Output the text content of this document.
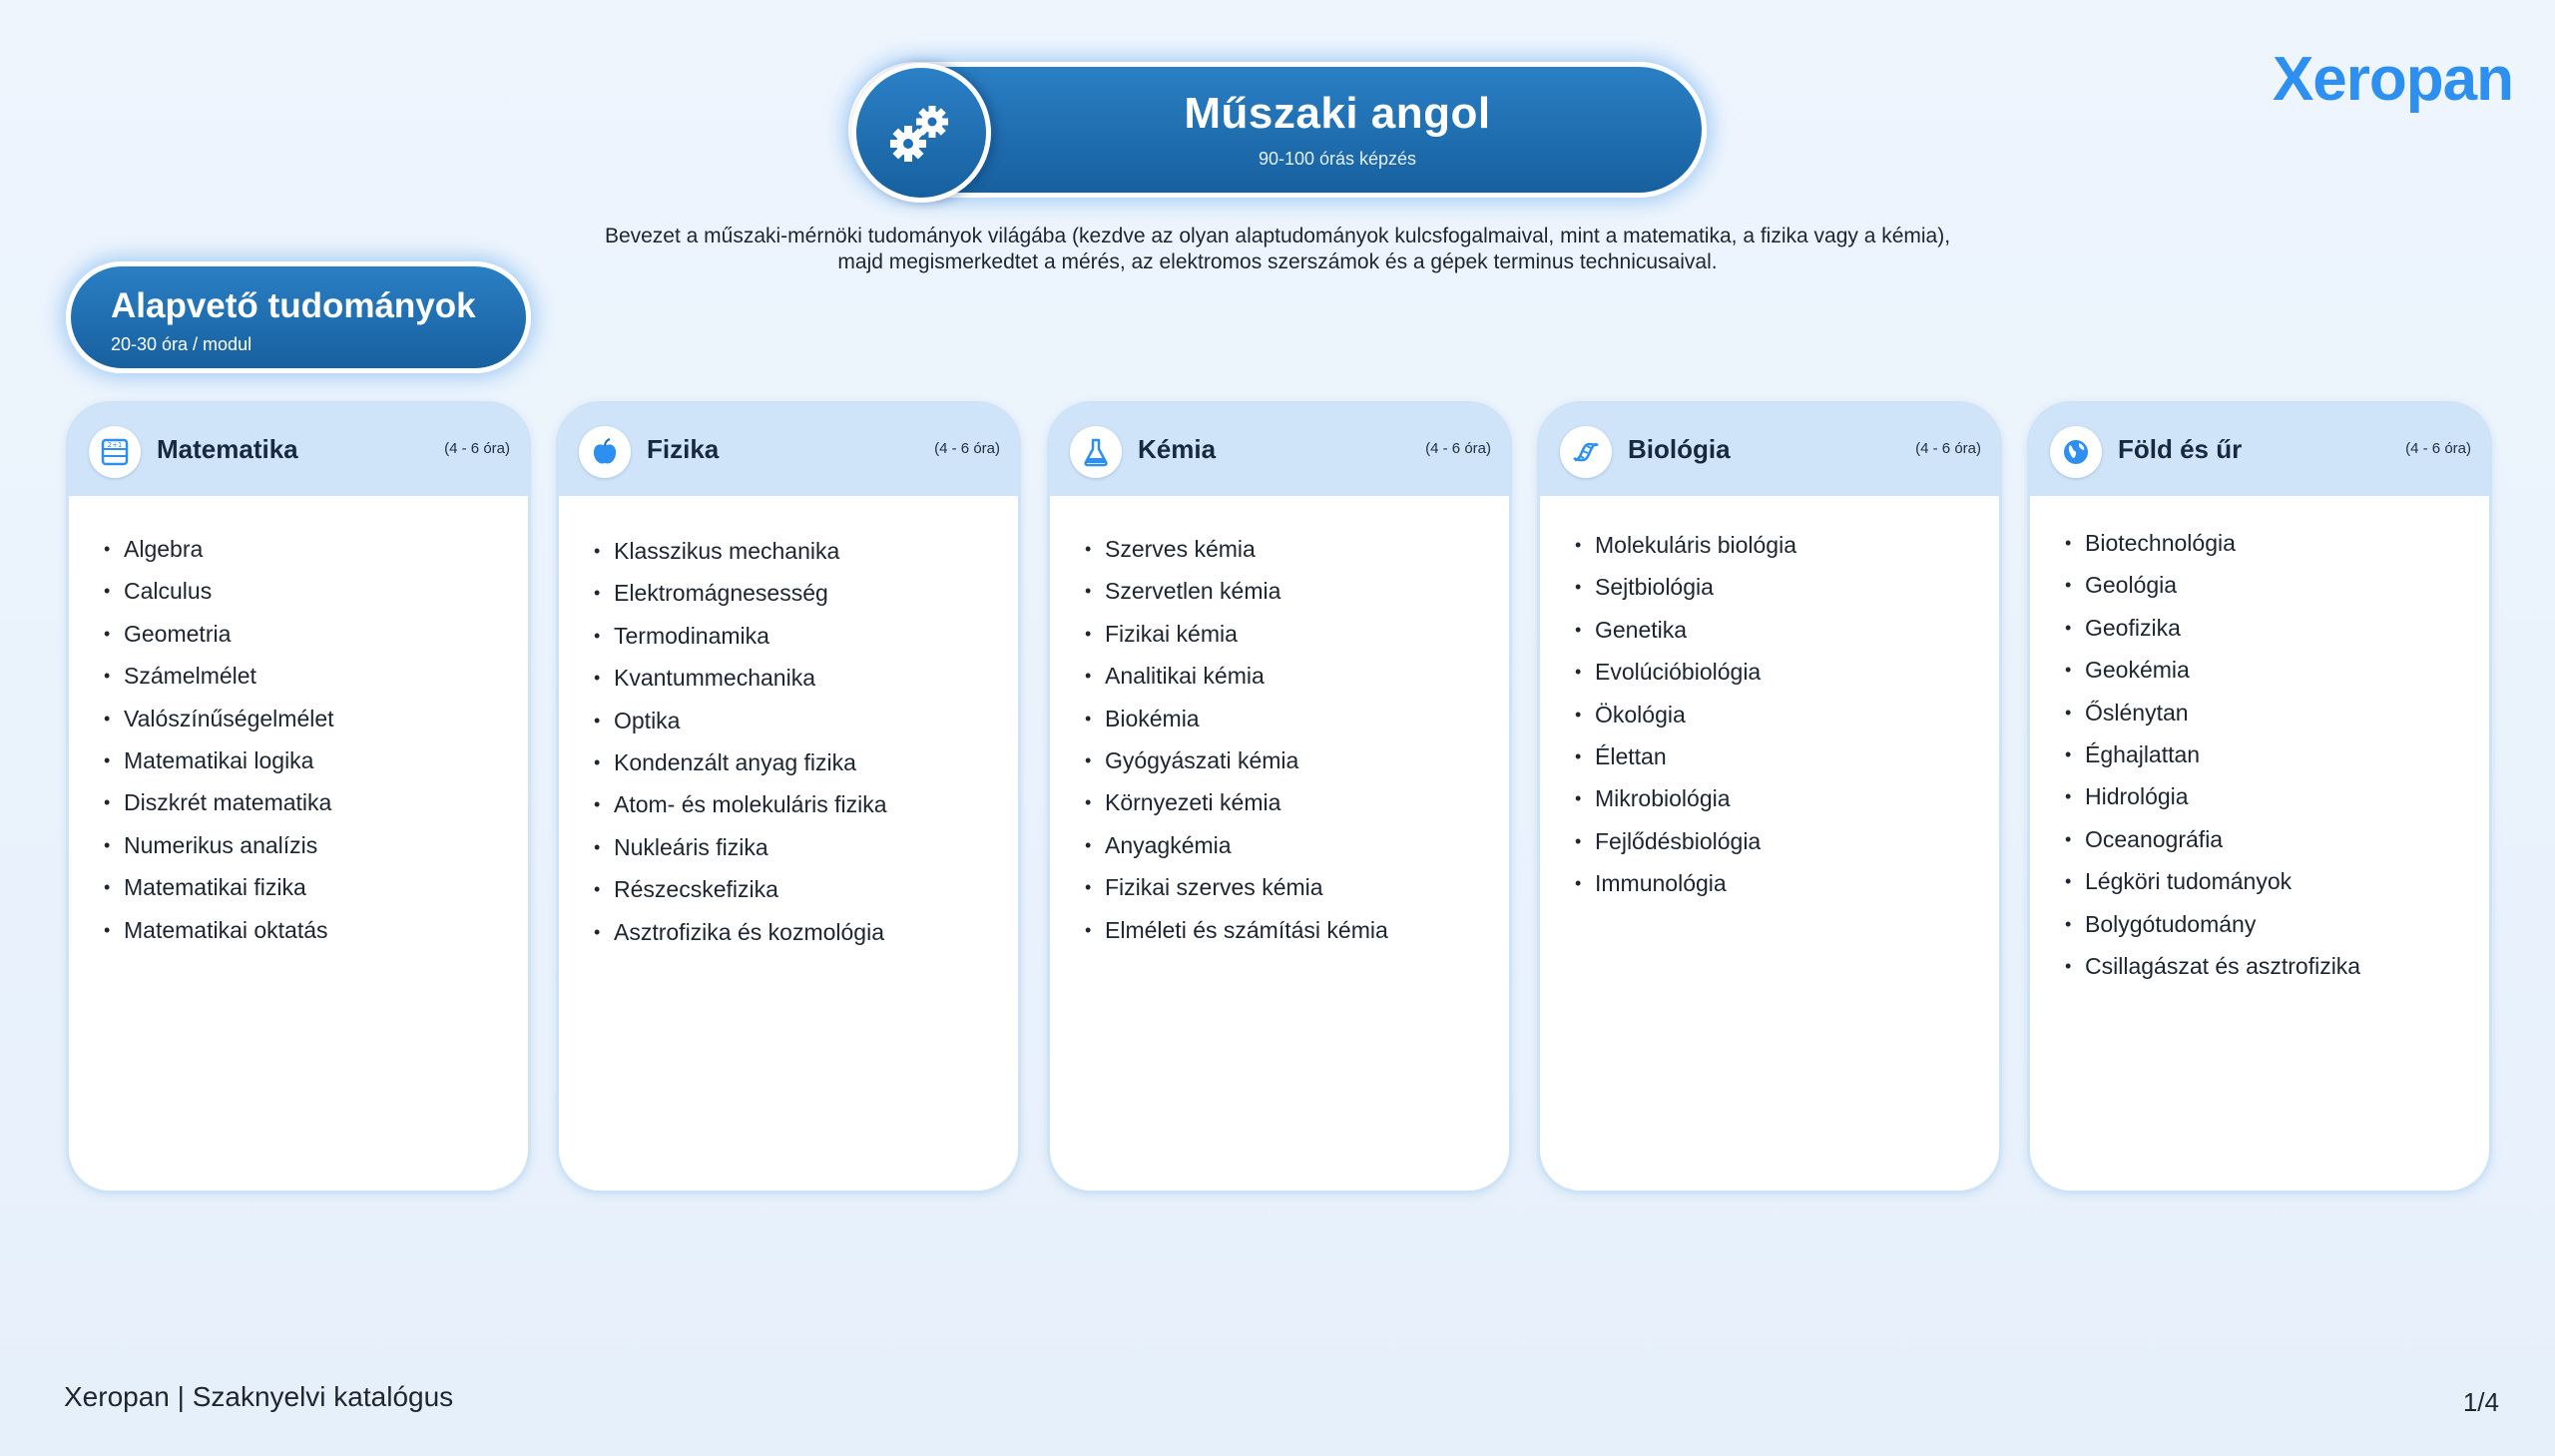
Műszaki angol
90-100 órás képzés
Xeropan
Bevezet a műszaki-mérnöki tudományok világába (kezdve az olyan alaptudományok kulcsfogalmaival, mint a matematika, a fizika vagy a kémia),
majd megismerkedtet a mérés, az elektromos szerszámok és a gépek terminus technicusaival.
Alapvető tudományok
20-30 óra / modul
2+1 Matematika	(4 - 6 óra)
• Algebra
• Calculus
• Geometria
• Számelmélet
• Valószínűségelmélet
• Matematikai logika
• Diszkrét matematika
• Numerikus analízis
• Matematikai fizika
• Matematikai oktatás
Fizika	(4 - 6 óra)
• Klasszikus mechanika
• Elektromágnesesség
• Termodinamika
• Kvantummechanika
• Optika
• Kondenzált anyag fizika
• Atom- és molekuláris fizika
• Nukleáris fizika
• Részecskefizika
• Asztrofizika és kozmológia
Kémia	(4 - 6 óra)
• Szerves kémia
• Szervetlen kémia
• Fizikai kémia
• Analitikai kémia
• Biokémia
• Gyógyászati kémia
• Környezeti kémia
• Anyagkémia
• Fizikai szerves kémia
• Elméleti és számítási kémia
Biológia	(4 - 6 óra)
• Molekuláris biológia
• Sejtbiológia
• Genetika
• Evolúcióbiológia
• Ökológia
• Élettan
• Mikrobiológia
• Fejlődésbiológia
• Immunológia
Föld és űr	(4 - 6 óra)
• Biotechnológia
• Geológia
• Geofizika
• Geokémia
• Őslénytan
• Éghajlattan
• Hidrológia
• Oceanográfia
• Légköri tudományok
• Bolygótudomány
• Csillagászat és asztrofizika
Xeropan | Szaknyelvi katalógus	1/4
